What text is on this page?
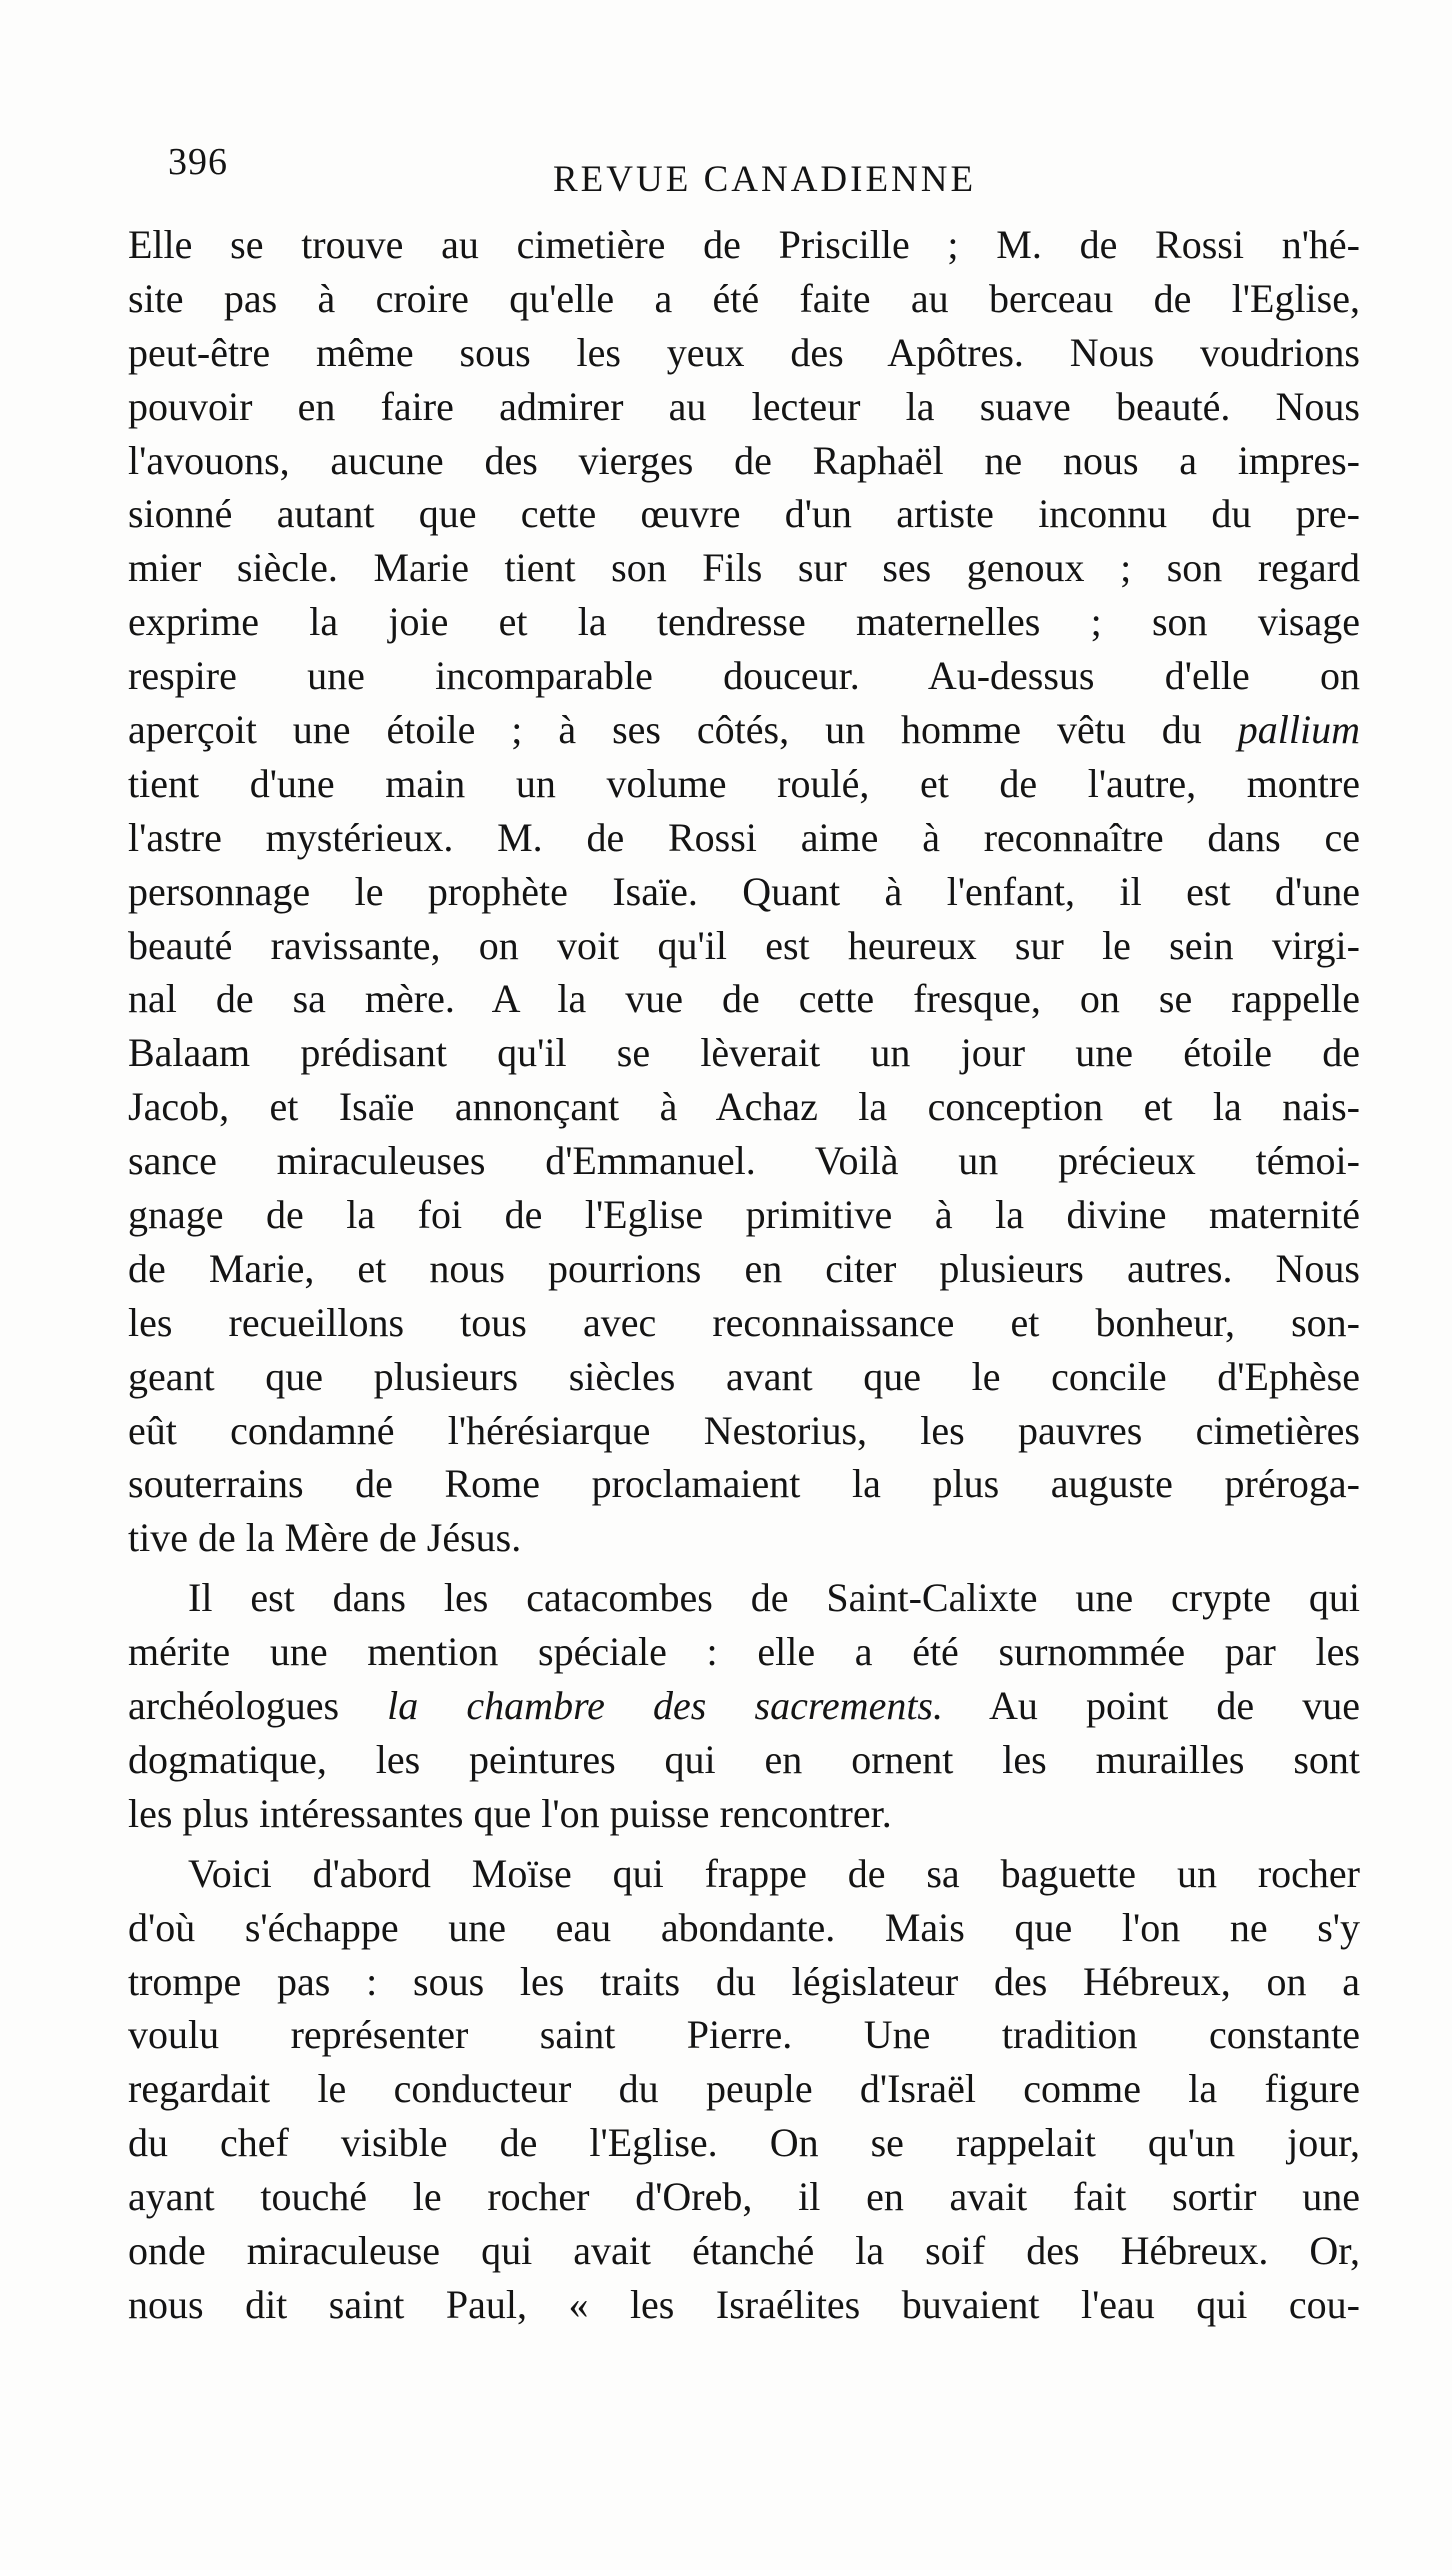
396	REVUE CANADIENNE
Elle se trouve au cimetière de Priscille ; M. de Rossi n'hé-
site pas à croire qu'elle a été faite au berceau de l'Eglise,
peut-être même sous les yeux des Apôtres. Nous voudrions
pouvoir en faire admirer au lecteur la suave beauté. Nous
l'avouons, aucune des vierges de Raphaël ne nous a impres-
sionné autant que cette œuvre d'un artiste inconnu du pre-
mier siècle. Marie tient son Fils sur ses genoux ; son regard
exprime la joie et la tendresse maternelles ; son visage
respire une incomparable douceur. Au-dessus d'elle on
aperçoit une étoile ; à ses côtés, un homme vêtu du pallium
tient d'une main un volume roulé, et de l'autre, montre
l'astre mystérieux. M. de Rossi aime à reconnaître dans ce
personnage le prophète Isaïe. Quant à l'enfant, il est d'une
beauté ravissante, on voit qu'il est heureux sur le sein virgi-
nal de sa mère. A la vue de cette fresque, on se rappelle
Balaam prédisant qu'il se lèverait un jour une étoile de
Jacob, et Isaïe annonçant à Achaz la conception et la nais-
sance miraculeuses d'Emmanuel. Voilà un précieux témoi-
gnage de la foi de l'Eglise primitive à la divine maternité
de Marie, et nous pourrions en citer plusieurs autres. Nous
les recueillons tous avec reconnaissance et bonheur, son-
geant que plusieurs siècles avant que le concile d'Ephèse
eût condamné l'hérésiarque Nestorius, les pauvres cimetières
souterrains de Rome proclamaient la plus auguste préroga-
tive de la Mère de Jésus.
Il est dans les catacombes de Saint-Calixte une crypte qui
mérite une mention spéciale : elle a été surnommée par les
archéologues la chambre des sacrements. Au point de vue
dogmatique, les peintures qui en ornent les murailles sont
les plus intéressantes que l'on puisse rencontrer.
Voici d'abord Moïse qui frappe de sa baguette un rocher
d'où s'échappe une eau abondante. Mais que l'on ne s'y
trompe pas : sous les traits du législateur des Hébreux, on a
voulu représenter saint Pierre. Une tradition constante
regardait le conducteur du peuple d'Israël comme la figure
du chef visible de l'Eglise. On se rappelait qu'un jour,
ayant touché le rocher d'Oreb, il en avait fait sortir une
onde miraculeuse qui avait étanché la soif des Hébreux. Or,
nous dit saint Paul, « les Israélites buvaient l'eau qui cou-
